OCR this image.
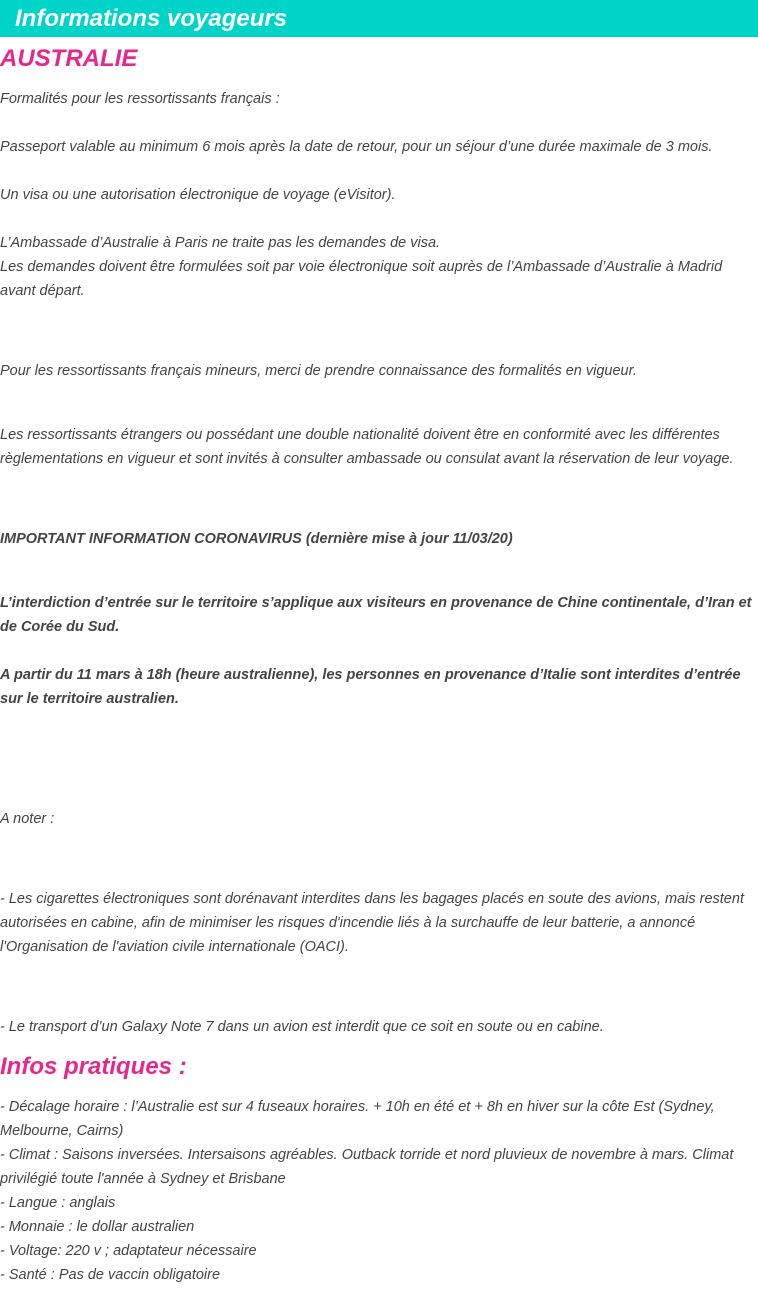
Informations voyageurs
AUSTRALIE
Formalités pour les ressortissants français :
Passeport valable au minimum 6 mois après la date de retour, pour un séjour d’une durée maximale de 3 mois.
Un visa ou une autorisation électronique de voyage (eVisitor).
L’Ambassade d’Australie à Paris ne traite pas les demandes de visa.
Les demandes doivent être formulées soit par voie électronique soit auprès de l’Ambassade d’Australie à Madrid avant départ.
Pour les ressortissants français mineurs, merci de prendre connaissance des formalités en vigueur.
Les ressortissants étrangers ou possédant une double nationalité doivent être en conformité avec les différentes règlementations en vigueur et sont invités à consulter ambassade ou consulat avant la réservation de leur voyage.
IMPORTANT INFORMATION CORONAVIRUS (dernière mise à jour 11/03/20)
L’interdiction d’entrée sur le territoire s’applique aux visiteurs en provenance de Chine continentale, d’Iran et de Corée du Sud.
A partir du 11 mars à 18h (heure australienne), les personnes en provenance d’Italie sont interdites d’entrée sur le territoire australien.
A noter :
- Les cigarettes électroniques sont dorénavant interdites dans les bagages placés en soute des avions, mais restent autorisées en cabine, afin de minimiser les risques d'incendie liés à la surchauffe de leur batterie, a annoncé l'Organisation de l'aviation civile internationale (OACI).
- Le transport d’un Galaxy Note 7 dans un avion est interdit que ce soit en soute ou en cabine.
Infos pratiques :
- Décalage horaire : l’Australie est sur 4 fuseaux horaires. + 10h en été et + 8h en hiver sur la côte Est (Sydney, Melbourne, Cairns)
- Climat : Saisons inversées. Intersaisons agréables. Outback torride et nord pluvieux de novembre à mars. Climat privilégié toute l'année à Sydney et Brisbane
- Langue : anglais
- Monnaie : le dollar australien
- Voltage: 220 v ; adaptateur nécessaire
- Santé : Pas de vaccin obligatoire
